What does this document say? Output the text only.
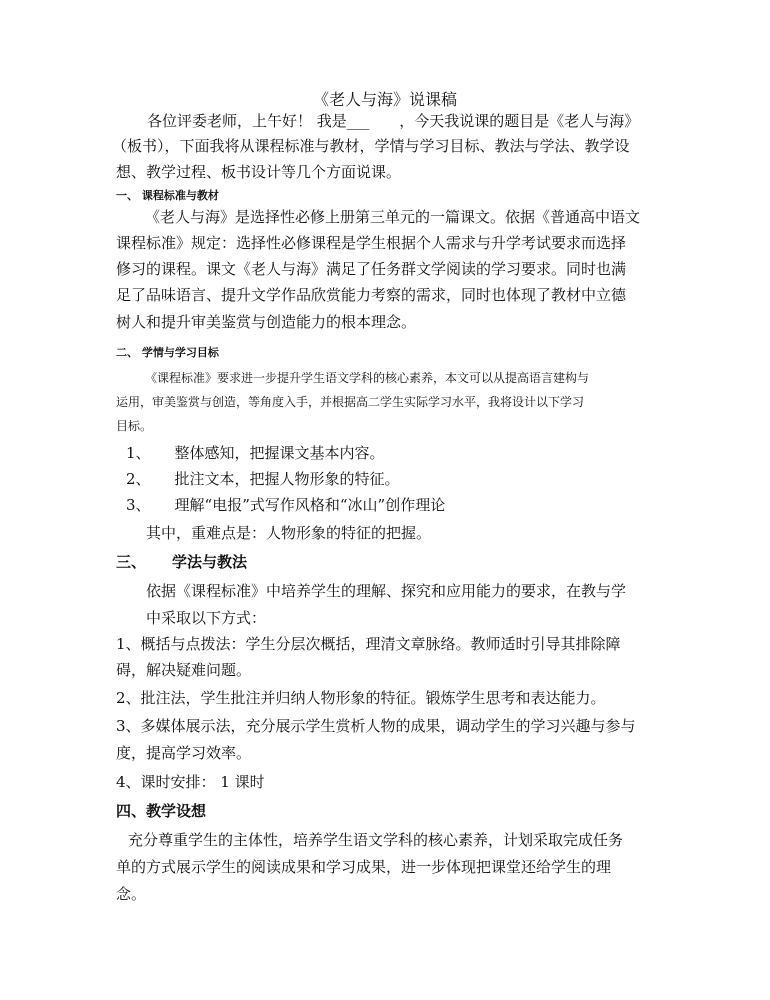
《老人与海》说课稿
各位评委老师，上午好！ 我是___ ，今天我说课的题目是《老人与海》
（板书），下面我将从课程标准与教材，学情与学习目标、教法与学法、教学设
想、教学过程、板书设计等几个方面说课。
一、 课程标准与教材
《老人与海》是选择性必修上册第三单元的一篇课文。依据《普通高中语文
课程标准》规定：选择性必修课程是学生根据个人需求与升学考试要求而选择
修习的课程。课文《老人与海》满足了任务群文学阅读的学习要求。同时也满
足了品味语言、提升文学作品欣赏能力考察的需求，同时也体现了教材中立德
树人和提升审美鉴赏与创造能力的根本理念。
二、 学情与学习目标
《课程标准》要求进一步提升学生语文学科的核心素养，本文可以从提高语言建构与
运用，审美鉴赏与创造，等角度入手，并根据高二学生实际学习水平，我将设计以下学习
目标。
1、 整体感知，把握课文基本内容。
2、 批注文本，把握人物形象的特征。
3、 理解“电报”式写作风格和“冰山”创作理论
其中，重难点是：人物形象的特征的把握。
三、 学法与教法
依据《课程标准》中培养学生的理解、探究和应用能力的要求，在教与学
中采取以下方式：
1、概括与点拨法：学生分层次概括，理清文章脉络。教师适时引导其排除障
碍，解决疑难问题。
2、批注法，学生批注并归纳人物形象的特征。锻炼学生思考和表达能力。
3、多媒体展示法，充分展示学生赏析人物的成果，调动学生的学习兴趣与参与
度，提高学习效率。
4、课时安排： 1 课时
四、教学设想
充分尊重学生的主体性，培养学生语文学科的核心素养，计划采取完成任务
单的方式展示学生的阅读成果和学习成果，进一步体现把课堂还给学生的理
念。
